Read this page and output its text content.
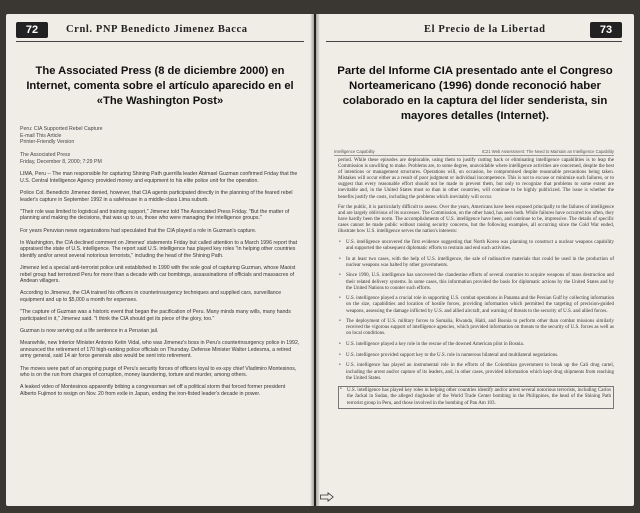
72	Crnl. PNP Benedicto Jimenez Bacca
The Associated Press (8 de diciembre 2000) en Internet, comenta sobre el artículo aparecido en el «The Washington Post»

Peru: CIA Supported Rebel Capture
E-mail This Article
Printer-Friendly Version

The Associated Press
Friday, December 8, 2000; 7:29 PM

LIMA, Peru -- The man responsible for capturing Shining Path guerrilla leader Abimael Guzman confirmed Friday that the U.S. Central Intelligence Agency provided money and equipment to his elite police unit for the operation.

Police Col. Benedicto Jimenez denied, however, that CIA agents participated directly in the planning of the feared rebel leader's capture in September 1992 in a safehouse in a middle-class Lima suburb.

"Their role was limited to logistical and training support," Jimenez told The Associated Press Friday. "But the matter of planning and making the decisions, that was up to us, those who were managing the intelligence groups."

For years Peruvian news organizations had speculated that the CIA played a role in Guzman's capture.

In Washington, the CIA declined comment on Jimenez' statements Friday but called attention to a March 1996 report that appraised the state of U.S. intelligence. The report said U.S. intelligence has played key roles "in helping other countries identify and/or arrest several notorious terrorists," including the head of the Shining Path.

Jimenez led a special anti-terrorist police unit established in 1990 with the sole goal of capturing Guzman, whose Maoist rebel group had terrorized Peru for more than a decade with car bombings, assassinations of officials and massacres of Andean villagers.

According to Jimenez, the CIA trained his officers in counterinsurgency techniques and supplied cars, surveillance equipment and up to $5,000 a month for expenses.

"The capture of Guzman was a historic event that began the pacification of Peru. Many minds many wills, many hands participated in it," Jimenez said. "I think the CIA should get its piece of the glory, too."

Guzman is now serving out a life sentence in a Peruvian jail.

Meanwhile, new Interior Minister Antonio Ketin Vidal, who was Jimenez's boss in Peru's counterinsurgency police in 1992, announced the retirement of 170 high-ranking police officials on Thursday. Defense Minister Walter Ledesma, a retired army general, said 14 air force generals also would be sent into retirement.

The moves were part of an ongoing purge of Peru's security forces of officers loyal to ex-spy chief Vladimiro Montesinos, who is on the run from charges of corruption, money laundering, torture and murder, among others.

A leaked video of Montesinos apparently bribing a congressman set off a political storm that forced former president Alberto Fujimori to resign on Nov. 20 from exile in Japan, ending the iron-fisted leader's decade in power.

El Precio de la Libertad	73
Parte del Informe CIA presentado ante el Congreso Norteamericano (1996) donde reconoció haber colaborado en la captura del líder senderista, sin mayores detalles (Internet).
Intelligence Capability	IC21 Web Assessment: The Need to Maintain an Intelligence Capability

period. While these episodes are deplorable, using them to justify cutting back or eliminating intelligence capabilities is to leap the Commission is unwilling to make. Problems are, to some degree, unavoidable where intelligence activities are concerned, despite the best of intentions or management structures. Operations will, on occasion, be compromised despite reasonable precautions being taken. Mistakes will occur either as a result of poor judgment or individual incompetence. This is not to excuse or minimize such failures, or to suggest that every reasonable effort should not be made to prevent them, but only to recognize that problems to some extent are inevitable and, in the United States must so than in other countries, will continue to be highly publicized. The issue is whether the benefits justify the costs, including the problems which inevitably will occur.

For the public, it is particularly difficult to assess. Over the years, Americans have been exposed principally to the failures of intelligence and are largely oblivious of its successes. The Commission, on the other hand, has seen both. While failures have occurred too often, they have hardly been the norm. The accomplishments of U.S. intelligence have been, and continue to be, impressive. The details of specific cases cannot be made public without raising security concerns, but the following examples, all occurring since the Cold War ended, illustrate how U.S. intelligence serves the nation's interests:

• U.S. intelligence uncovered the first evidence suggesting that North Korea was planning to construct a nuclear weapons capability and supported the subsequent diplomatic efforts to restrain and end such activities.
• In at least two cases, with the help of U.S. intelligence, the sale of radioactive materials that could be used in the production of nuclear weapons was halted by other governments.
• Since 1990, U.S. intelligence has uncovered the clandestine efforts of several countries to acquire weapons of mass destruction and their related delivery systems. In some cases, this information provided the basis for diplomatic actions by the United States and by the United Nations to counter such efforts.
• U.S. intelligence played a crucial role in supporting U.S. combat operations in Panama and the Persian Gulf by collecting information on the size, capabilities and location of hostile forces, providing information which permitted the targeting of precision-guided weapons, assessing the damage inflicted by U.S. and allied aircraft, and warning of threats to the security of U.S. and allied forces.
• The deployment of U.S. military forces to Somalia, Rwanda, Haiti, and Bosnia to perform other than combat missions similarly received the vigorous support of intelligence agencies, which provided information on threats to the security of U.S. forces as well as on local conditions.
• U.S. intelligence played a key role in the rescue of the downed American pilot in Bosnia.
• U.S. intelligence provided support key to the U.S. role in numerous bilateral and multilateral negotiations.
• U.S. intelligence has played an instrumental role in the efforts of the Colombian government to break up the Cali drug cartel, including the arrest and/or capture of its leaders, and, in other cases, provided information which kept drug shipments from reaching the United States.
• U.S. intelligence has played key roles in helping other countries identify and/or arrest several notorious terrorists, including Carlos the Jackal in Sudan, the alleged ringleader of the World Trade Center bombing in the Philippines, the head of the Shining Path terrorist group in Peru, and those involved in the bombing of Pan Am 103.
